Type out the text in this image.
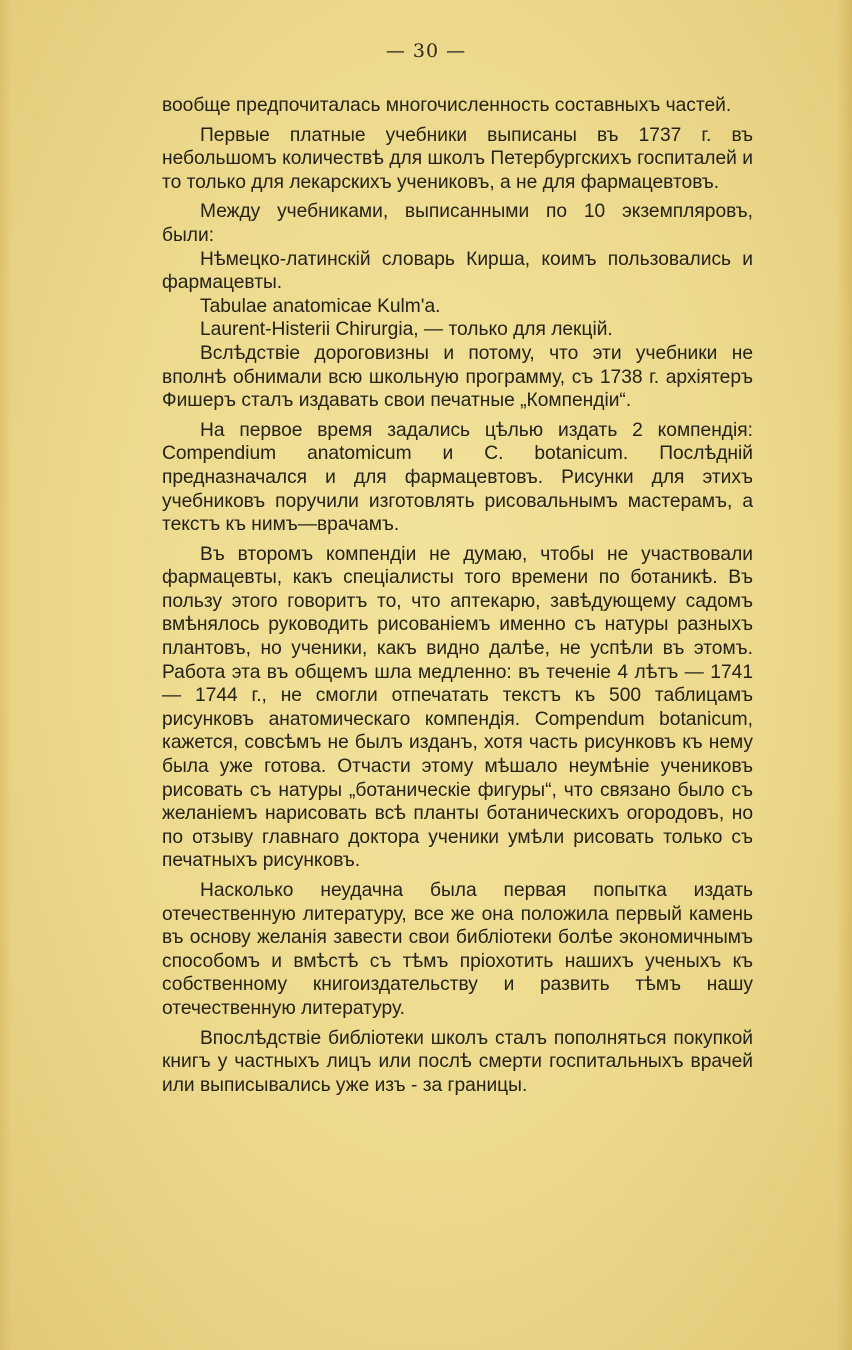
— 30 —

вообще предпочиталась многочисленность составныхъ частей.

Первые платные учебники выписаны въ 1737 г. въ небольшомъ количествѣ для школъ Петербургскихъ госпиталей и то только для лекарскихъ учениковъ, а не для фармацевтовъ.

Между учебниками, выписанными по 10 экземпляровъ, были:

Нѣмецко-латинскій словарь Кирша, коимъ пользовались и фармацевты.

Tabulae anatomicae Kulm'a.

Laurent-Histerii Chirurgia, — только для лекцій.

Вслѣдствіе дороговизны и потому, что эти учебники не вполнѣ обнимали всю школьную программу, съ 1738 г. архіятеръ Фишеръ сталъ издавать свои печатные „Компендіи“.

На первое время задались цѣлью издать 2 компендія: Compendium anatomicum и C. botanicum. Послѣдній предназначался и для фармацевтовъ. Рисунки для этихъ учебниковъ поручили изготовлять рисовальнымъ мастерамъ, а текстъ къ нимъ—врачамъ.

Въ второмъ компендіи не думаю, чтобы не участвовали фармацевты, какъ спеціалисты того времени по ботаникѣ. Въ пользу этого говоритъ то, что аптекарю, завѣдующему садомъ вмѣнялось руководить рисованіемъ именно съ натуры разныхъ плантовъ, но ученики, какъ видно далѣе, не успѣли въ этомъ. Работа эта въ общемъ шла медленно: въ теченіе 4 лѣтъ — 1741 — 1744 г., не смогли отпечатать текстъ къ 500 таблицамъ рисунковъ анатомическаго компендія. Compendum botanicum, кажется, совсѣмъ не былъ изданъ, хотя часть рисунковъ къ нему была уже готова. Отчасти этому мѣшало неумѣніе учениковъ рисовать съ натуры „ботаническіе фигуры“, что связано было съ желаніемъ нарисовать всѣ планты ботаническихъ огородовъ, но по отзыву главнаго доктора ученики умѣли рисовать только съ печатныхъ рисунковъ.

Насколько неудачна была первая попытка издать отечественную литературу, все же она положила первый камень въ основу желанія завести свои библіотеки болѣе экономичнымъ способомъ и вмѣстѣ съ тѣмъ пріохотить нашихъ ученыхъ къ собственному книгоиздательству и развить тѣмъ нашу отечественную литературу.

Впослѣдствіе библіотеки школъ сталъ пополняться покупкой книгъ у частныхъ лицъ или послѣ смерти госпитальныхъ врачей или выписывались уже изъ - за границы.
